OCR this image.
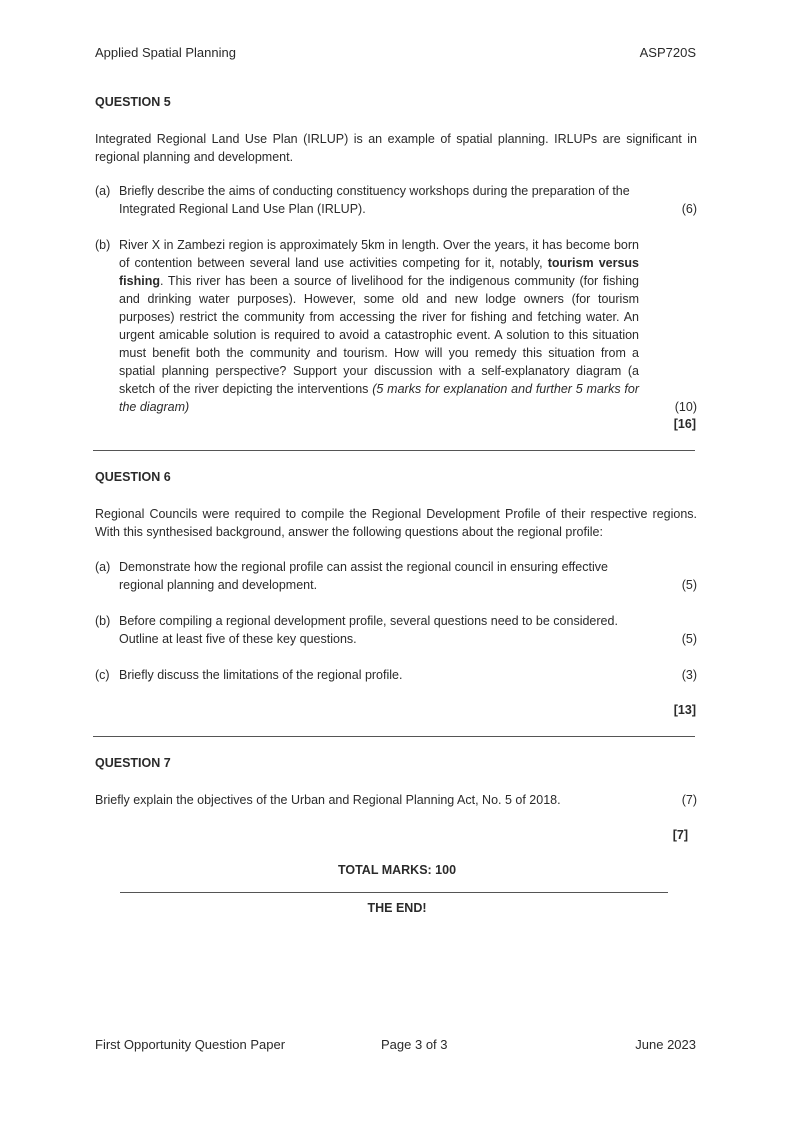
Applied Spatial Planning	ASP720S
QUESTION 5
Integrated Regional Land Use Plan (IRLUP) is an example of spatial planning. IRLUPs are significant in regional planning and development.
(a) Briefly describe the aims of conducting constituency workshops during the preparation of the Integrated Regional Land Use Plan (IRLUP).	(6)
(b) River X in Zambezi region is approximately 5km in length. Over the years, it has become born of contention between several land use activities competing for it, notably, tourism versus fishing. This river has been a source of livelihood for the indigenous community (for fishing and drinking water purposes). However, some old and new lodge owners (for tourism purposes) restrict the community from accessing the river for fishing and fetching water. An urgent amicable solution is required to avoid a catastrophic event. A solution to this situation must benefit both the community and tourism. How will you remedy this situation from a spatial planning perspective? Support your discussion with a self-explanatory diagram (a sketch of the river depicting the interventions (5 marks for explanation and further 5 marks for the diagram)	(10)
[16]
QUESTION 6
Regional Councils were required to compile the Regional Development Profile of their respective regions. With this synthesised background, answer the following questions about the regional profile:
(a) Demonstrate how the regional profile can assist the regional council in ensuring effective regional planning and development.	(5)
(b) Before compiling a regional development profile, several questions need to be considered. Outline at least five of these key questions.	(5)
(c) Briefly discuss the limitations of the regional profile.	(3)
[13]
QUESTION 7
Briefly explain the objectives of the Urban and Regional Planning Act, No. 5 of 2018.	(7)
[7]
TOTAL MARKS: 100
THE END!
First Opportunity Question Paper	Page 3 of 3	June 2023
